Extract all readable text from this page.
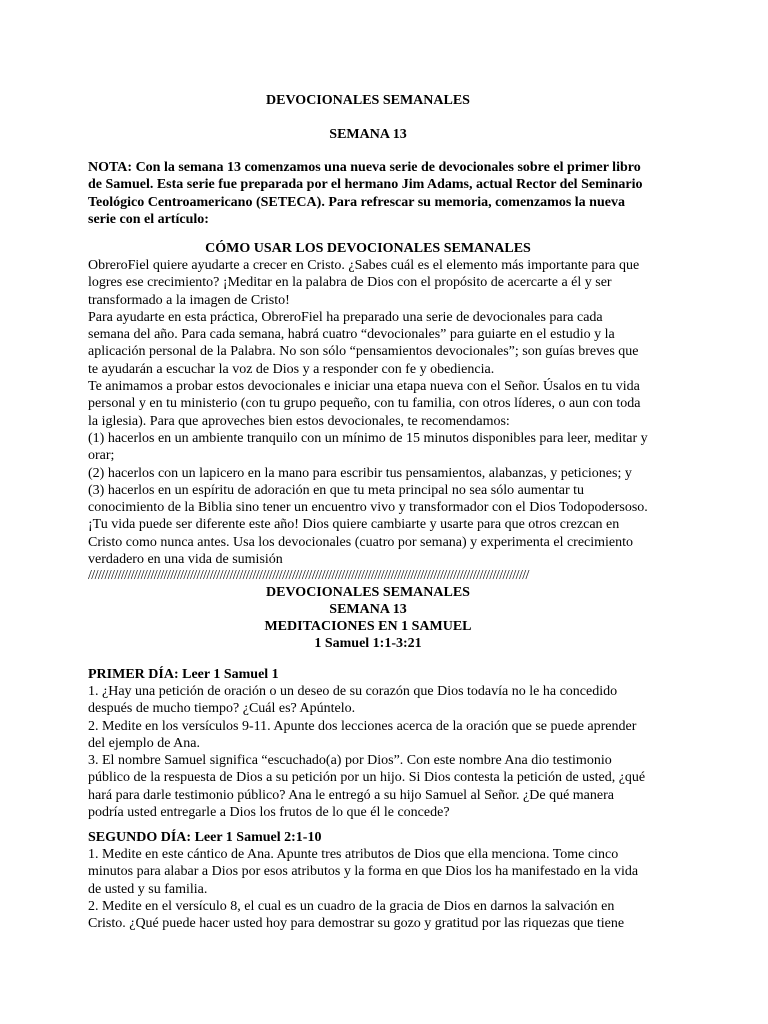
DEVOCIONALES SEMANALES
SEMANA 13

NOTA: Con la semana 13 comenzamos una nueva serie de devocionales sobre el primer libro de Samuel. Esta serie fue preparada por el hermano Jim Adams, actual Rector del Seminario Teológico Centroamericano (SETECA). Para refrescar su memoria, comenzamos la nueva serie con el artículo:

CÓMO USAR LOS DEVOCIONALES SEMANALES

ObreroFiel quiere ayudarte a crecer en Cristo. ¿Sabes cuál es el elemento más importante para que logres ese crecimiento? ¡Meditar en la palabra de Dios con el propósito de acercarte a él y ser transformado a la imagen de Cristo!

Para ayudarte en esta práctica, ObreroFiel ha preparado una serie de devocionales para cada semana del año. Para cada semana, habrá cuatro “devocionales” para guiarte en el estudio y la aplicación personal de la Palabra. No son sólo “pensamientos devocionales”; son guías breves que te ayudarán a escuchar la voz de Dios y a responder con fe y obediencia.

Te animamos a probar estos devocionales e iniciar una etapa nueva con el Señor. Úsalos en tu vida personal y en tu ministerio (con tu grupo pequeño, con tu familia, con otros líderes, o aun con toda la iglesia). Para que aproveches bien estos devocionales, te recomendamos:

(1) hacerlos en un ambiente tranquilo con un mínimo de 15 minutos disponibles para leer, meditar y orar;

(2) hacerlos con un lapicero en la mano para escribir tus pensamientos, alabanzas, y peticiones; y

(3) hacerlos en un espíritu de adoración en que tu meta principal no sea sólo aumentar tu conocimiento de la Biblia sino tener un encuentro vivo y transformador con el Dios Todopodersoso.

¡Tu vida puede ser diferente este año! Dios quiere cambiarte y usarte para que otros crezcan en Cristo como nunca antes. Usa los devocionales (cuatro por semana) y experimenta el crecimiento verdadero en una vida de sumisión

//////////////////////////////////////////////////////////////////////////////////////////////////////////////////////////////////////
DEVOCIONALES SEMANALES
SEMANA 13
MEDITACIONES EN 1 SAMUEL
1 Samuel 1:1-3:21
PRIMER DÍA: Leer 1 Samuel 1

1. ¿Hay una petición de oración o un deseo de su corazón que Dios todavía no le ha concedido después de mucho tiempo? ¿Cuál es? Apúntelo.

2. Medite en los versículos 9-11. Apunte dos lecciones acerca de la oración que se puede aprender del ejemplo de Ana.

3. El nombre Samuel significa “escuchado(a) por Dios”. Con este nombre Ana dio testimonio público de la respuesta de Dios a su petición por un hijo. Si Dios contesta la petición de usted, ¿qué hará para darle testimonio público? Ana le entregó a su hijo Samuel al Señor. ¿De qué manera podría usted entregarle a Dios los frutos de lo que él le concede?

SEGUNDO DÍA: Leer 1 Samuel 2:1-10

1. Medite en este cántico de Ana. Apunte tres atributos de Dios que ella menciona. Tome cinco minutos para alabar a Dios por esos atributos y la forma en que Dios los ha manifestado en la vida de usted y su familia.

2. Medite en el versículo 8, el cual es un cuadro de la gracia de Dios en darnos la salvación en Cristo. ¿Qué puede hacer usted hoy para demostrar su gozo y gratitud por las riquezas que tiene
